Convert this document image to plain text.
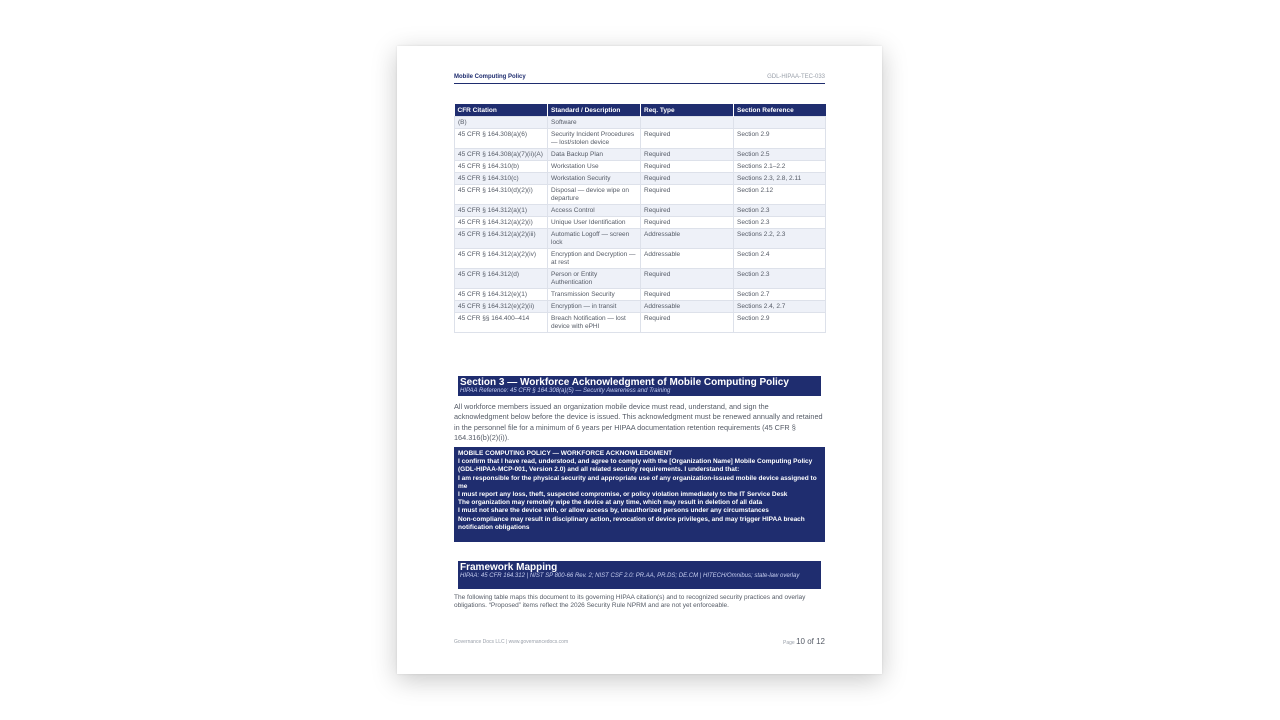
Mobile Computing Policy	GDL-HIPAA-TEC-033
CFR Citation	Standard / Description	Req. Type	Section Reference
(B)	Software		
45 CFR § 164.308(a)(6)	Security Incident Procedures — lost/stolen device	Required	Section 2.9
45 CFR § 164.308(a)(7)(ii)(A)	Data Backup Plan	Required	Section 2.5
45 CFR § 164.310(b)	Workstation Use	Required	Sections 2.1–2.2
45 CFR § 164.310(c)	Workstation Security	Required	Sections 2.3, 2.8, 2.11
45 CFR § 164.310(d)(2)(i)	Disposal — device wipe on departure	Required	Section 2.12
45 CFR § 164.312(a)(1)	Access Control	Required	Section 2.3
45 CFR § 164.312(a)(2)(i)	Unique User Identification	Required	Section 2.3
45 CFR § 164.312(a)(2)(iii)	Automatic Logoff — screen lock	Addressable	Sections 2.2, 2.3
45 CFR § 164.312(a)(2)(iv)	Encryption and Decryption — at rest	Addressable	Section 2.4
45 CFR § 164.312(d)	Person or Entity Authentication	Required	Section 2.3
45 CFR § 164.312(e)(1)	Transmission Security	Required	Section 2.7
45 CFR § 164.312(e)(2)(ii)	Encryption — in transit	Addressable	Sections 2.4, 2.7
45 CFR §§ 164.400–414	Breach Notification — lost device with ePHI	Required	Section 2.9
Section 3 — Workforce Acknowledgment of Mobile Computing Policy
HIPAA Reference: 45 CFR § 164.308(a)(5) — Security Awareness and Training

All workforce members issued an organization mobile device must read, understand, and sign the acknowledgment below before the device is issued. This acknowledgment must be renewed annually and retained in the personnel file for a minimum of 6 years per HIPAA documentation retention requirements (45 CFR § 164.316(b)(2)(i)).

MOBILE COMPUTING POLICY — WORKFORCE ACKNOWLEDGMENT
I confirm that I have read, understood, and agree to comply with the [Organization Name] Mobile Computing Policy (GDL-HIPAA-MCP-001, Version 2.0) and all related security requirements. I understand that:
I am responsible for the physical security and appropriate use of any organization-issued mobile device assigned to me
I must report any loss, theft, suspected compromise, or policy violation immediately to the IT Service Desk
The organization may remotely wipe the device at any time, which may result in deletion of all data
I must not share the device with, or allow access by, unauthorized persons under any circumstances
Non-compliance may result in disciplinary action, revocation of device privileges, and may trigger HIPAA breach notification obligations
Framework Mapping
HIPAA: 45 CFR 164.312 | NIST SP 800-66 Rev. 2; NIST CSF 2.0: PR.AA, PR.DS; DE.CM | HITECH/Omnibus; state-law overlay

The following table maps this document to its governing HIPAA citation(s) and to recognized security practices and overlay obligations. “Proposed” items reflect the 2026 Security Rule NPRM and are not yet enforceable.

Governance Docs LLC | www.governancedocs.com	Page 10 of 12
